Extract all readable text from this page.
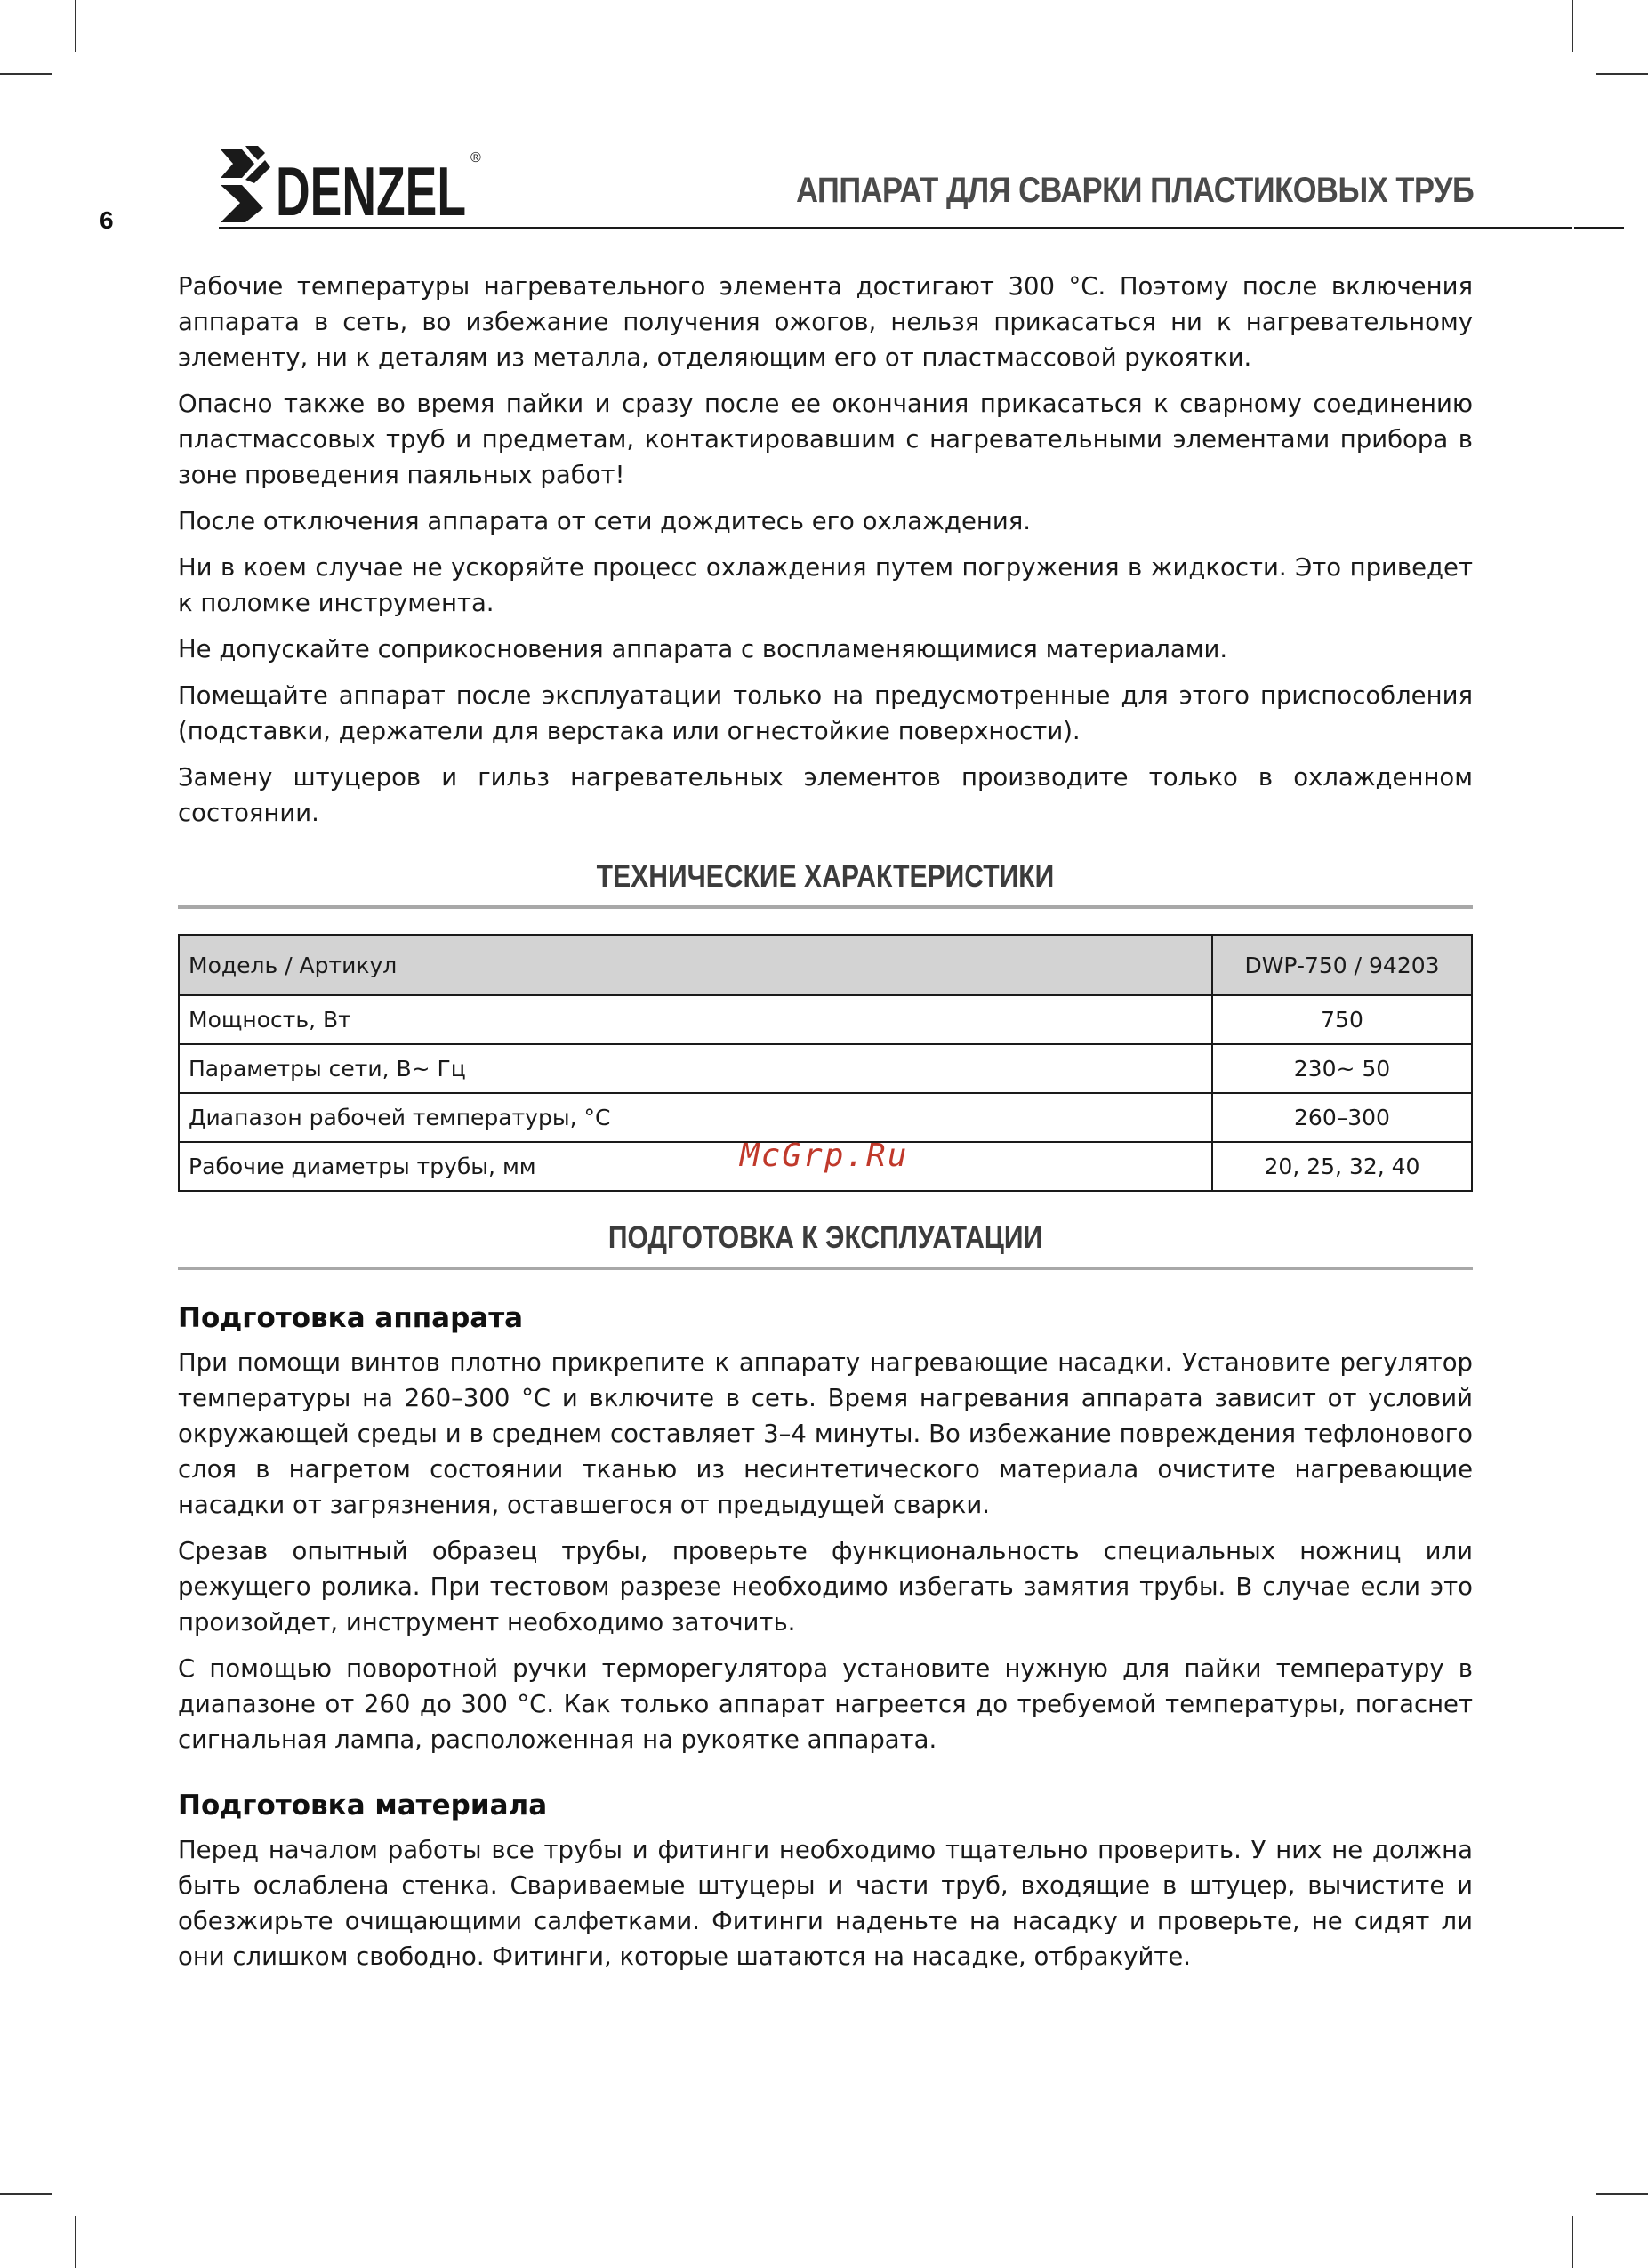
6 DENZEL ®
АППАРАТ ДЛЯ СВАРКИ ПЛАСТИКОВЫХ ТРУБ

Рабочие температуры нагревательного элемента достигают 300 °С. Поэтому после включения аппарата в сеть, во избежание получения ожогов, нельзя прикасаться ни к нагревательному элементу, ни к деталям из металла, отделяющим его от пластмассовой рукоятки.

Опасно также во время пайки и сразу после ее окончания прикасаться к сварному соединению пластмассовых труб и предметам, контактировавшим с нагревательными элементами прибора в зоне проведения паяльных работ!

После отключения аппарата от сети дождитесь его охлаждения.

Ни в коем случае не ускоряйте процесс охлаждения путем погружения в жидкости. Это приведет к поломке инструмента.

Не допускайте соприкосновения аппарата с воспламеняющимися материалами.

Помещайте аппарат после эксплуатации только на предусмотренные для этого приспособления (подставки, держатели для верстака или огнестойкие поверхности).

Замену штуцеров и гильз нагревательных элементов производите только в охлажденном состоянии.

ТЕХНИЧЕСКИЕ ХАРАКТЕРИСТИКИ
Модель / Артикул	DWP-750 / 94203
Мощность, Вт	750
Параметры сети, В~ Гц	230~ 50
Диапазон рабочей температуры, °С	260–300
Рабочие диаметры трубы, мм McGrp.Ru	20, 25, 32, 40
ПОДГОТОВКА К ЭКСПЛУАТАЦИИ
Подготовка аппарата

При помощи винтов плотно прикрепите к аппарату нагревающие насадки. Установите регулятор температуры на 260–300 °С и включите в сеть. Время нагревания аппарата зависит от условий окружающей среды и в среднем составляет 3–4 минуты. Во избежание повреждения тефлонового слоя в нагретом состоянии тканью из несинтетического материала очистите нагревающие насадки от загрязнения, оставшегося от предыдущей сварки.

Срезав опытный образец трубы, проверьте функциональность специальных ножниц или режущего ролика. При тестовом разрезе необходимо избегать замятия трубы. В случае если это произойдет, инструмент необходимо заточить.

С помощью поворотной ручки терморегулятора установите нужную для пайки температуру в диапазоне от 260 до 300 °С. Как только аппарат нагреется до требуемой температуры, погаснет сигнальная лампа, расположенная на рукоятке аппарата.

Подготовка материала

Перед началом работы все трубы и фитинги необходимо тщательно проверить. У них не должна быть ослаблена стенка. Свариваемые штуцеры и части труб, входящие в штуцер, вычистите и обезжирьте очищающими салфетками. Фитинги наденьте на насадку и проверьте, не сидят ли они слишком свободно. Фитинги, которые шатаются на насадке, отбракуйте.
